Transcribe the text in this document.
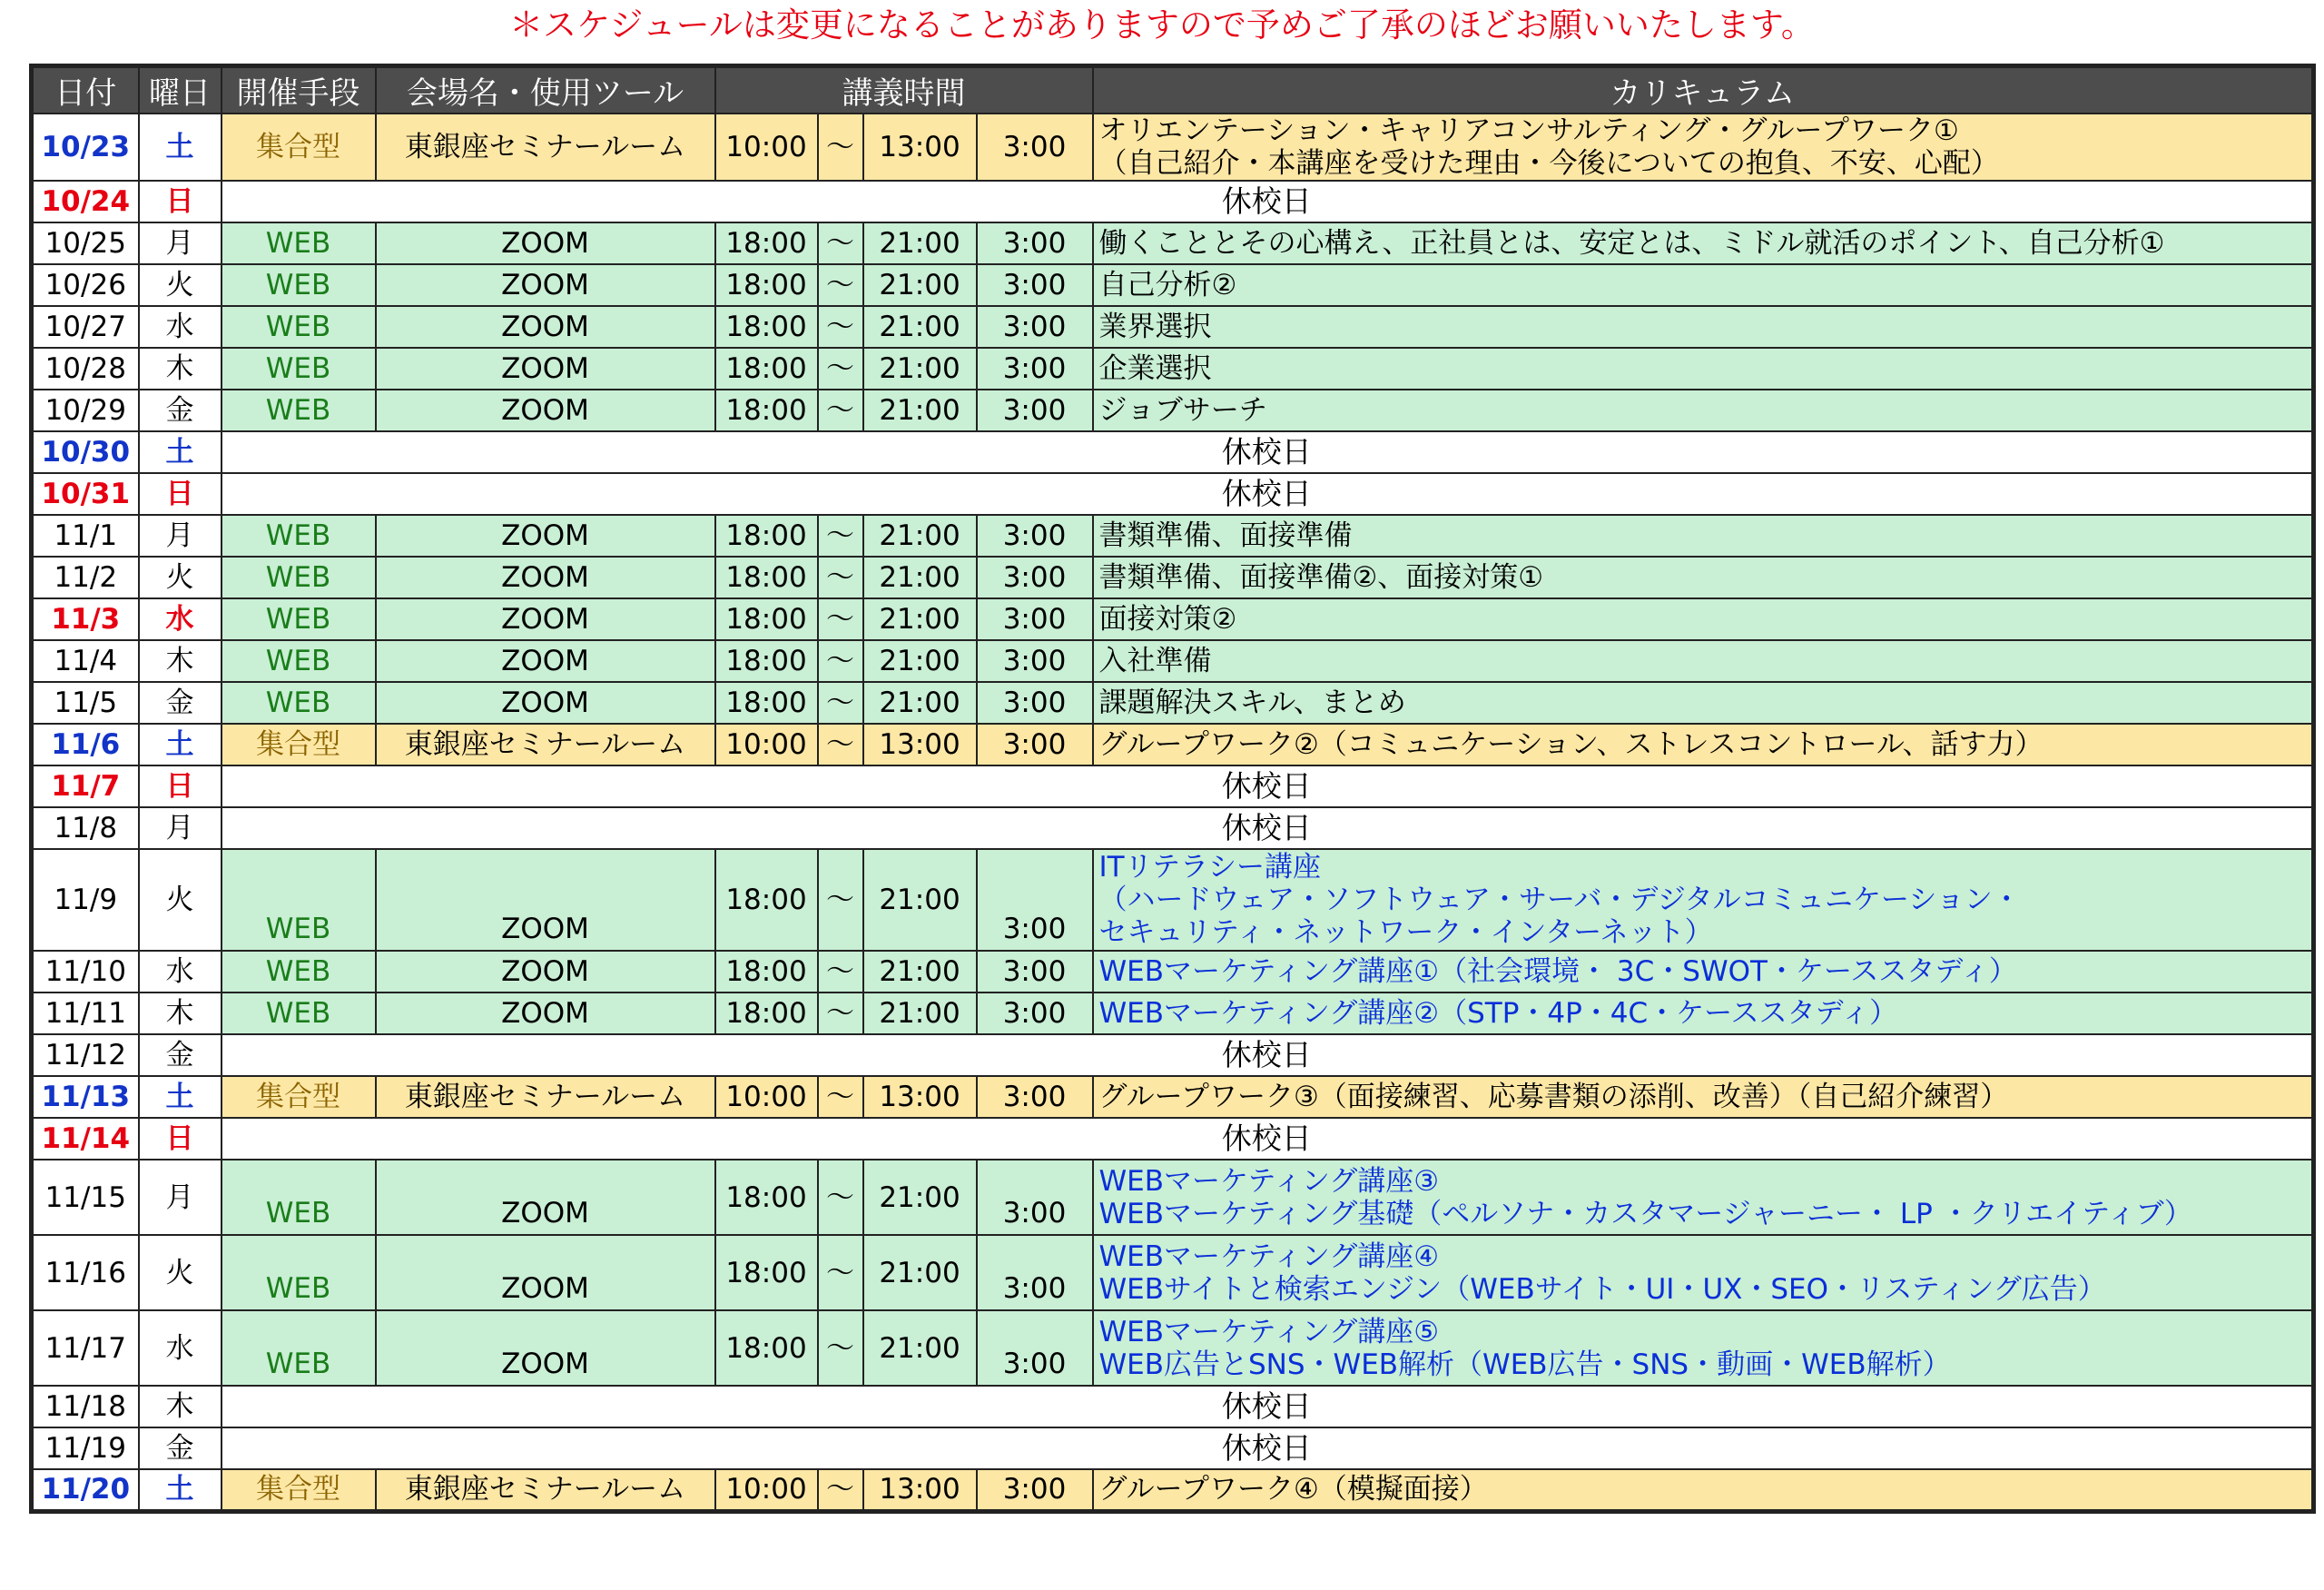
＊スケジュールは変更になることがありますので予めご了承のほどお願いいたします。
日付	曜日	開催手段	会場名・使用ツール	講義時間				カリキュラム
10/23	土	集合型	東銀座セミナールーム	10:00	～	13:00	3:00	オリエンテーション・キャリアコンサルティング・グループワーク①
（自己紹介・本講座を受けた理由・今後についての抱負、不安、心配）

10/24	日	休校日						
10/25	月	WEB	ZOOM	18:00	～	21:00	3:00	働くこととその心構え、正社員とは、安定とは、ミドル就活のポイント、自己分析①

10/26	火	WEB	ZOOM	18:00	～	21:00	3:00	自己分析②

10/27	水	WEB	ZOOM	18:00	～	21:00	3:00	業界選択

10/28	木	WEB	ZOOM	18:00	～	21:00	3:00	企業選択

10/29	金	WEB	ZOOM	18:00	～	21:00	3:00	ジョブサーチ

10/30	土	休校日						
10/31	日	休校日						
11/1	月	WEB	ZOOM	18:00	～	21:00	3:00	書類準備、面接準備

11/2	火	WEB	ZOOM	18:00	～	21:00	3:00	書類準備、面接準備②、面接対策①

11/3	水	WEB	ZOOM	18:00	～	21:00	3:00	面接対策②

11/4	木	WEB	ZOOM	18:00	～	21:00	3:00	入社準備

11/5	金	WEB	ZOOM	18:00	～	21:00	3:00	課題解決スキル、まとめ

11/6	土	集合型	東銀座セミナールーム	10:00	～	13:00	3:00	グループワーク②（コミュニケーション、ストレスコントロール、話す力）

11/7	日	休校日						
11/8	月	休校日						
11/9	火	WEB	ZOOM	18:00	～	21:00	3:00	ITリテラシー講座
（ハードウェア・ソフトウェア・サーバ・デジタルコミュニケーション・
セキュリティ・ネットワーク・インターネット）

11/10	水	WEB	ZOOM	18:00	～	21:00	3:00	WEBマーケティング講座①（社会環境・ 3C・SWOT・ケーススタディ）

11/11	木	WEB	ZOOM	18:00	～	21:00	3:00	WEBマーケティング講座②（STP・4P・4C・ケーススタディ）

11/12	金	休校日						
11/13	土	集合型	東銀座セミナールーム	10:00	～	13:00	3:00	グループワーク③（面接練習、応募書類の添削、改善）（自己紹介練習）

11/14	日	休校日						
11/15	月	WEB	ZOOM	18:00	～	21:00	3:00	WEBマーケティング講座③
WEBマーケティング基礎（ペルソナ・カスタマージャーニー・ LP ・クリエイティブ）

11/16	火	WEB	ZOOM	18:00	～	21:00	3:00	WEBマーケティング講座④
WEBサイトと検索エンジン（WEBサイト・UI・UX・SEO・リスティング広告）

11/17	水	WEB	ZOOM	18:00	～	21:00	3:00	WEBマーケティング講座⑤
WEB広告とSNS・WEB解析（WEB広告・SNS・動画・WEB解析）

11/18	木	休校日						
11/19	金	休校日						
11/20	土	集合型	東銀座セミナールーム	10:00	～	13:00	3:00	グループワーク④（模擬面接）
